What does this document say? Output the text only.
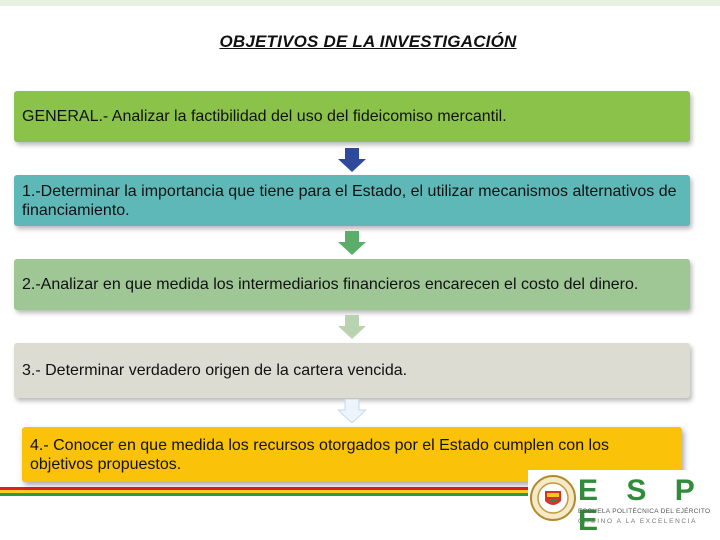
OBJETIVOS DE LA INVESTIGACIÓN
GENERAL.- Analizar la factibilidad del uso del fideicomiso mercantil.
1.-Determinar la importancia que tiene para el Estado, el utilizar mecanismos alternativos de financiamiento.
2.-Analizar en que medida los intermediarios financieros encarecen el costo del dinero.
3.- Determinar verdadero origen de la cartera vencida.
4.- Conocer en que medida los recursos otorgados por el Estado cumplen con los objetivos propuestos.
E S P E
ESCUELA POLITÉCNICA DEL EJÉRCITO
CAMINO A LA EXCELENCIA
